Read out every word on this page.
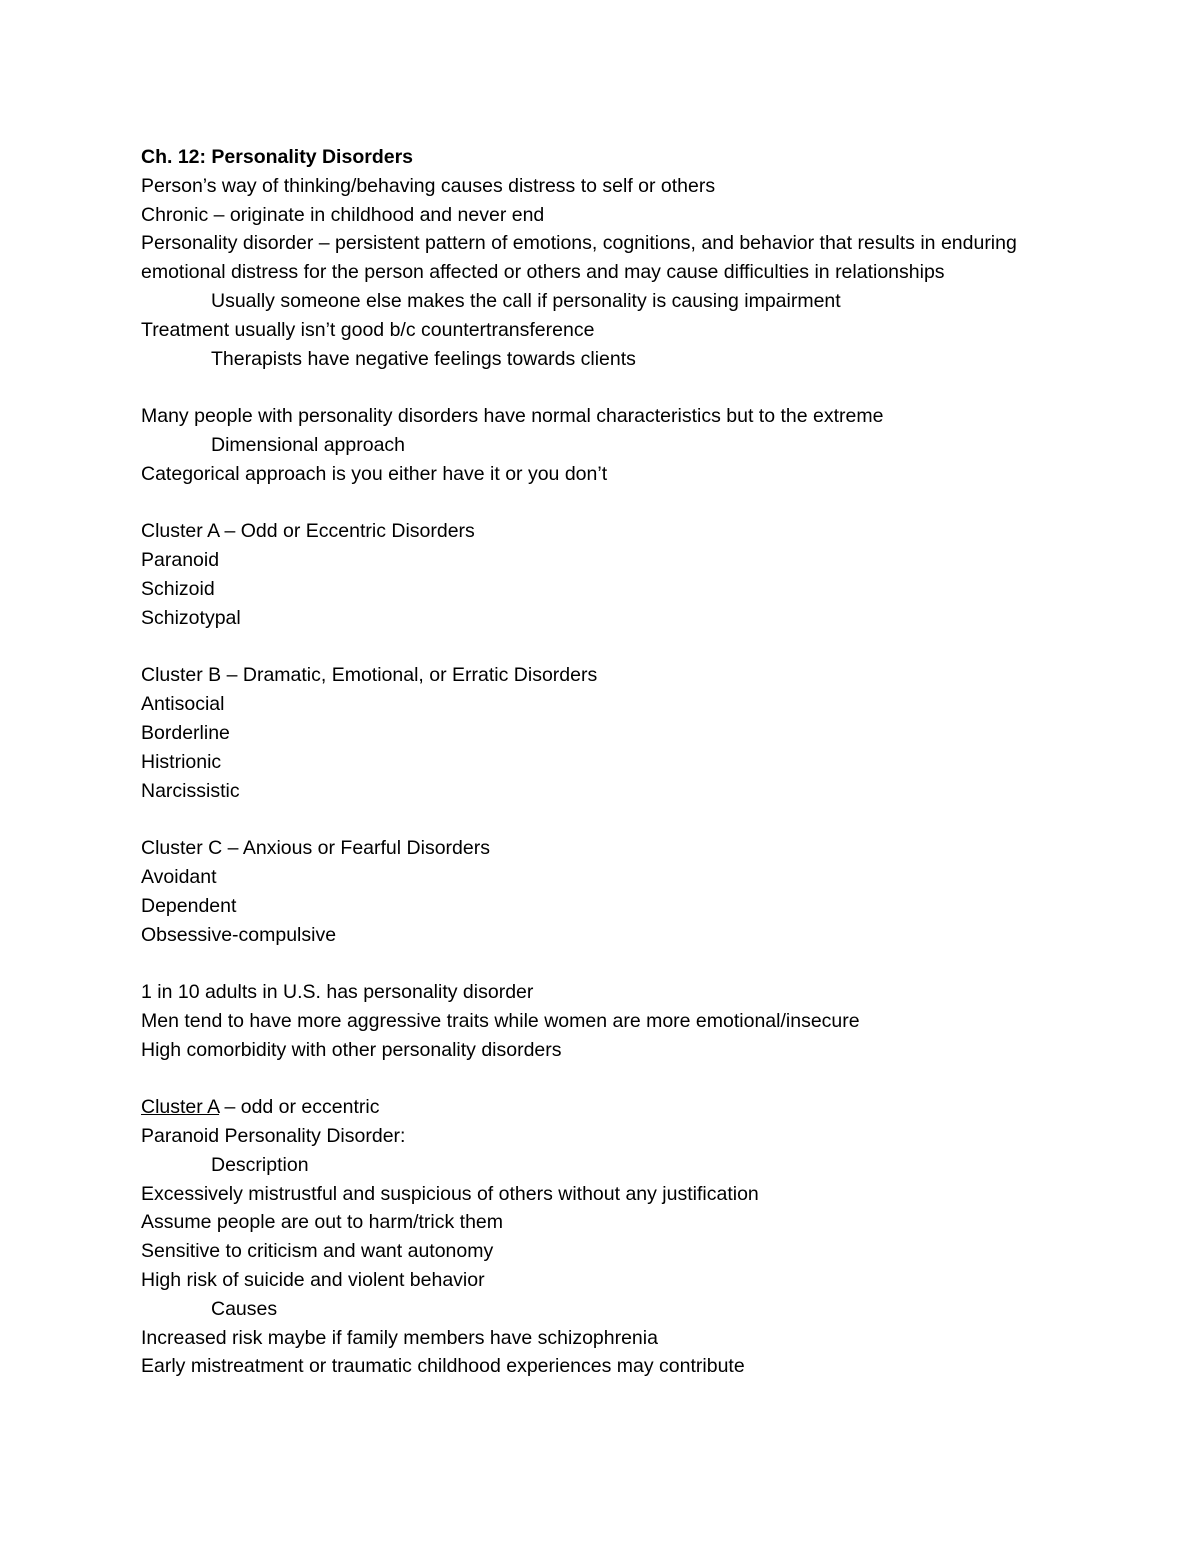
Ch. 12: Personality Disorders
Person’s way of thinking/behaving causes distress to self or others
Chronic – originate in childhood and never end
Personality disorder – persistent pattern of emotions, cognitions, and behavior that results in enduring emotional distress for the person affected or others and may cause difficulties in relationships
Usually someone else makes the call if personality is causing impairment
Treatment usually isn’t good b/c countertransference
Therapists have negative feelings towards clients
Many people with personality disorders have normal characteristics but to the extreme
Dimensional approach
Categorical approach is you either have it or you don’t
Cluster A – Odd or Eccentric Disorders
Paranoid
Schizoid
Schizotypal
Cluster B – Dramatic, Emotional, or Erratic Disorders
Antisocial
Borderline
Histrionic
Narcissistic
Cluster C – Anxious or Fearful Disorders
Avoidant
Dependent
Obsessive-compulsive
1 in 10 adults in U.S. has personality disorder
Men tend to have more aggressive traits while women are more emotional/insecure
High comorbidity with other personality disorders
Cluster A – odd or eccentric
Paranoid Personality Disorder:
Description
Excessively mistrustful and suspicious of others without any justification
Assume people are out to harm/trick them
Sensitive to criticism and want autonomy
High risk of suicide and violent behavior
Causes
Increased risk maybe if family members have schizophrenia
Early mistreatment or traumatic childhood experiences may contribute
